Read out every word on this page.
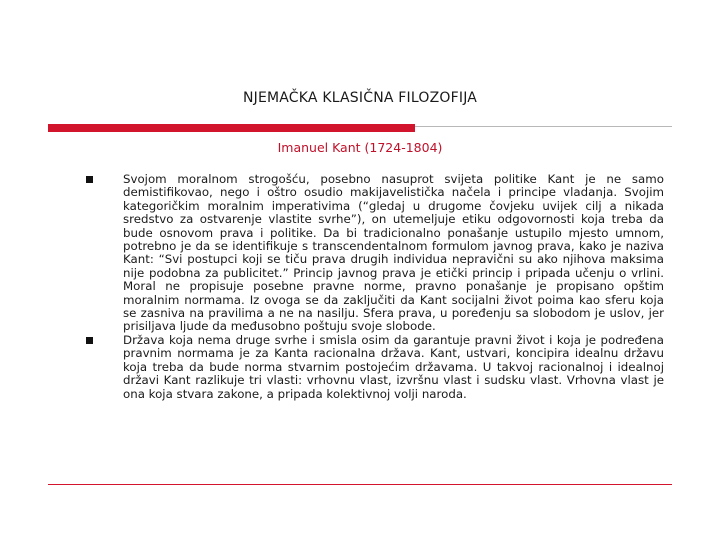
NJEMAČKA KLASIČNA FILOZOFIJA
Imanuel Kant (1724-1804)
Svojom moralnom strogošću, posebno nasuprot svijeta politike Kant je ne samo demistifikovao, nego i oštro osudio makijavelistička načela i principe vladanja. Svojim kategoričkim moralnim imperativima (“gledaj u drugome čovjeku uvijek cilj a nikada sredstvo za ostvarenje vlastite svrhe”), on utemeljuje etiku odgovornosti koja treba da bude osnovom prava i politike. Da bi tradicionalno ponašanje ustupilo mjesto umnom, potrebno je da se identifikuje s transcendentalnom formulom javnog prava, kako je naziva Kant: “Svi postupci koji se tiču prava drugih individua nepravični su ako njihova maksima nije podobna za publicitet.” Princip javnog prava je etički princip i pripada učenju o vrlini. Moral ne propisuje posebne pravne norme, pravno ponašanje je propisano opštim moralnim normama. Iz ovoga se da zaključiti da Kant socijalni život poima kao sferu koja se zasniva na pravilima a ne na nasilju. Sfera prava, u poređenju sa slobodom je uslov, jer prisiljava ljude da međusobno poštuju svoje slobode.
Država koja nema druge svrhe i smisla osim da garantuje pravni život i koja je podređena pravnim normama je za Kanta racionalna država. Kant, ustvari, koncipira idealnu državu koja treba da bude norma stvarnim postojećim državama. U takvoj racionalnoj i idealnoj državi Kant razlikuje tri vlasti: vrhovnu vlast, izvršnu vlast i sudsku vlast. Vrhovna vlast je ona koja stvara zakone, a pripada kolektivnoj volji naroda.
